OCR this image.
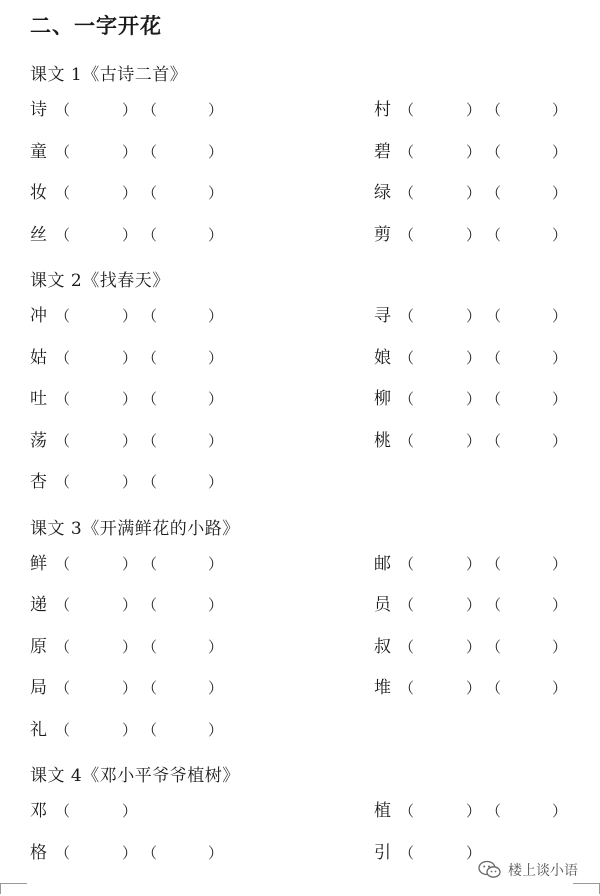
二、一字开花
课文 1《古诗二首》
诗 （	） （	）	村 （	） （	）
童 （	） （	）	碧 （	） （	）
妆 （	） （	）	绿 （	） （	）
丝 （	） （	）	剪 （	） （	）
课文 2《找春天》
冲 （	） （	）	寻 （	） （	）
姑 （	） （	）	娘 （	） （	）
吐 （	） （	）	柳 （	） （	）
荡 （	） （	）	桃 （	） （	）
杏 （	） （	）
课文 3《开满鲜花的小路》
鲜 （	） （	）	邮 （	） （	）
递 （	） （	）	员 （	） （	）
原 （	） （	）	叔 （	） （	）
局 （	） （	）	堆 （	） （	）
礼 （	） （	）
课文 4《邓小平爷爷植树》
邓 （	）	植 （	） （	）
格 （	） （	）	引 （	）
楼上谈小语
